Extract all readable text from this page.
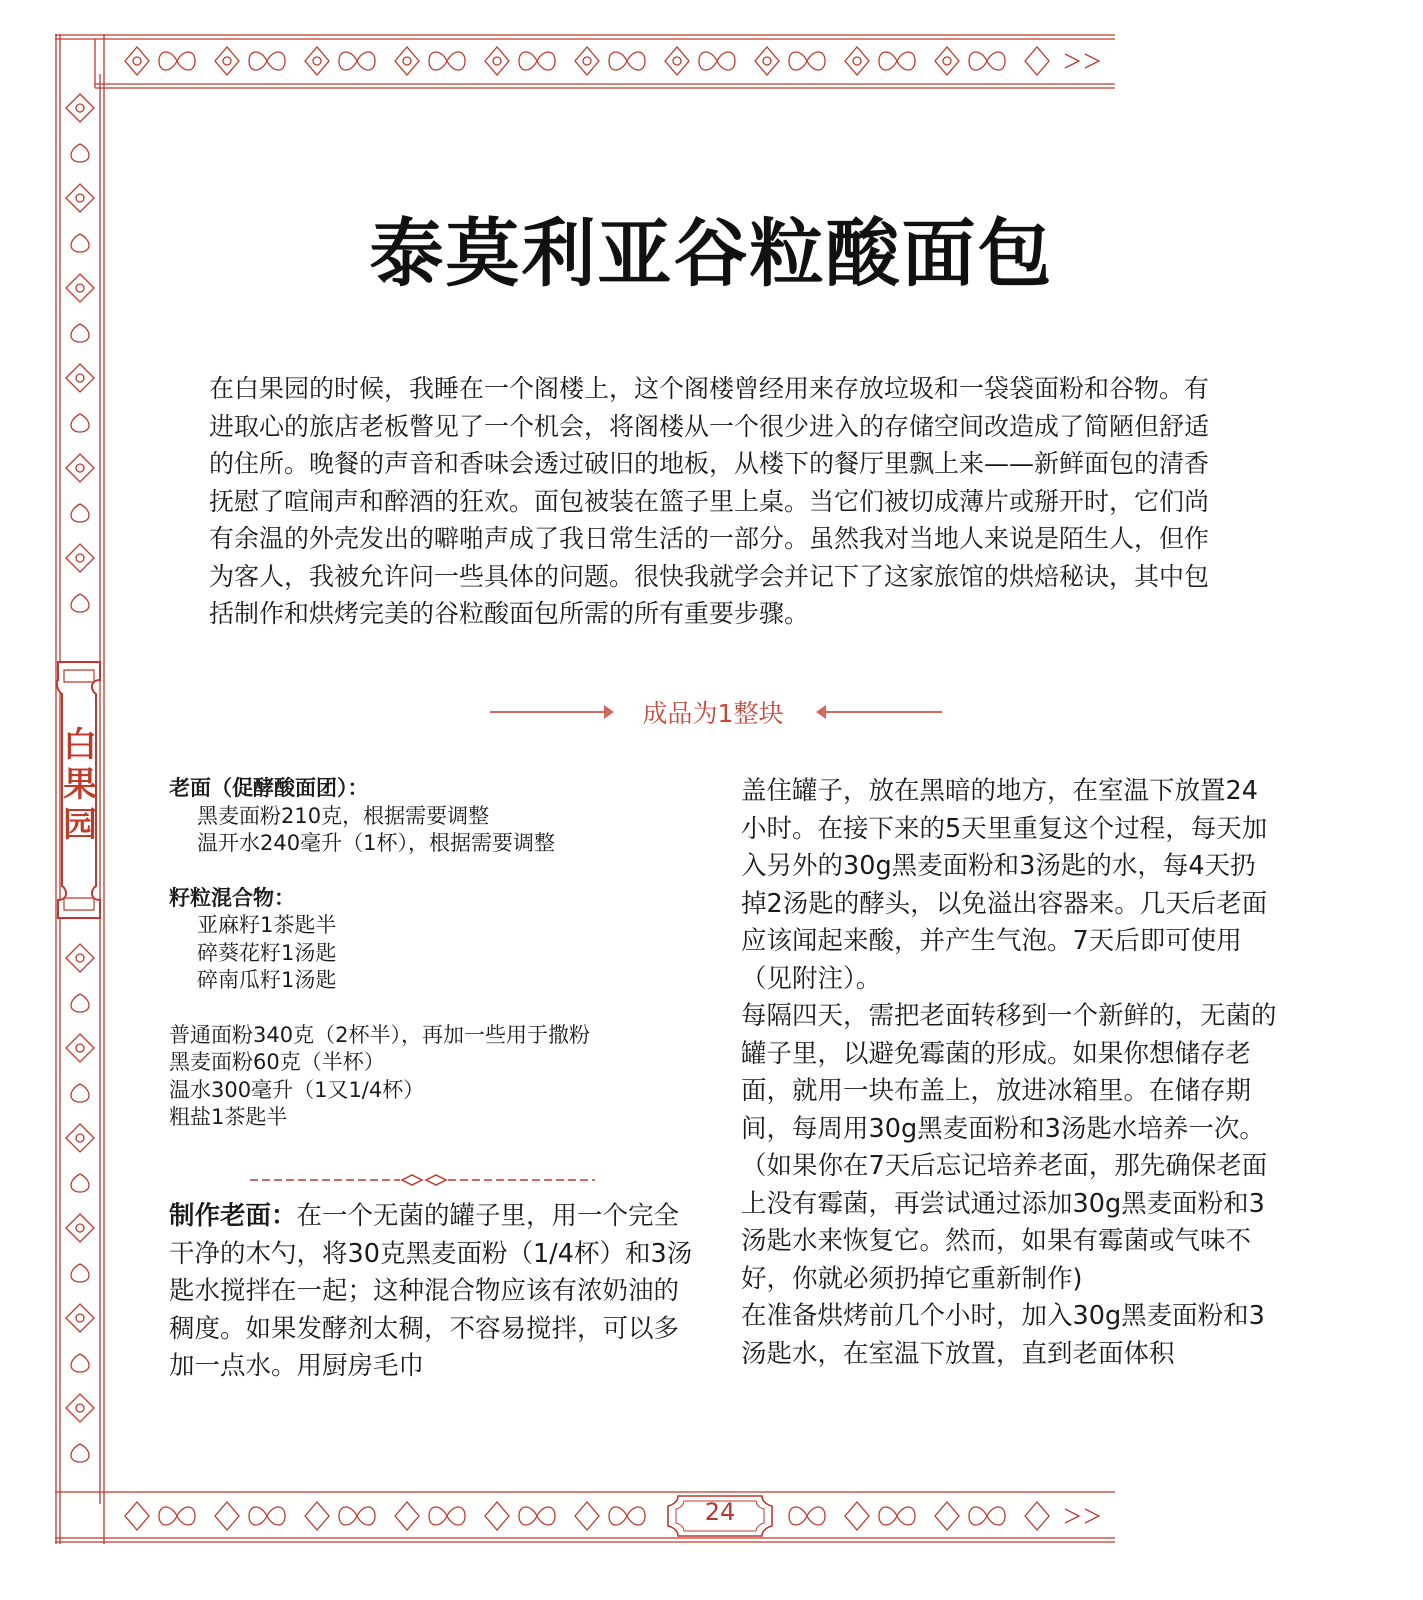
白果园
24
泰莫利亚谷粒酸面包

在白果园的时候，我睡在一个阁楼上，这个阁楼曾经用来存放垃圾和一袋袋面粉和谷物。有进取心的旅店老板瞥见了一个机会，将阁楼从一个很少进入的存储空间改造成了简陋但舒适的住所。晚餐的声音和香味会透过破旧的地板，从楼下的餐厅里飘上来——新鲜面包的清香抚慰了喧闹声和醉酒的狂欢。面包被装在篮子里上桌。当它们被切成薄片或掰开时，它们尚有余温的外壳发出的噼啪声成了我日常生活的一部分。虽然我对当地人来说是陌生人，但作为客人，我被允许问一些具体的问题。很快我就学会并记下了这家旅馆的烘焙秘诀，其中包括制作和烘烤完美的谷粒酸面包所需的所有重要步骤。

成品为1整块
老面（促酵酸面团）：
黑麦面粉210克，根据需要调整
温开水240毫升（1杯），根据需要调整
籽粒混合物：
亚麻籽1茶匙半
碎葵花籽1汤匙
碎南瓜籽1汤匙
普通面粉340克（2杯半），再加一些用于撒粉
黑麦面粉60克（半杯）
温水300毫升（1又1/4杯）
粗盐1茶匙半

制作老面：在一个无菌的罐子里，用一个完全干净的木勺，将30克黑麦面粉（1/4杯）和3汤匙水搅拌在一起；这种混合物应该有浓奶油的稠度。如果发酵剂太稠，不容易搅拌，可以多加一点水。用厨房毛巾

盖住罐子，放在黑暗的地方，在室温下放置24小时。在接下来的5天里重复这个过程，每天加入另外的30g黑麦面粉和3汤匙的水，每4天扔掉2汤匙的酵头，以免溢出容器来。几天后老面应该闻起来酸，并产生气泡。7天后即可使用（见附注）。

每隔四天，需把老面转移到一个新鲜的，无菌的罐子里，以避免霉菌的形成。如果你想储存老面，就用一块布盖上，放进冰箱里。在储存期间，每周用30g黑麦面粉和3汤匙水培养一次。（如果你在7天后忘记培养老面，那先确保老面上没有霉菌，再尝试通过添加30g黑麦面粉和3汤匙水来恢复它。然而，如果有霉菌或气味不好，你就必须扔掉它重新制作)

在准备烘烤前几个小时，加入30g黑麦面粉和3汤匙水，在室温下放置，直到老面体积
